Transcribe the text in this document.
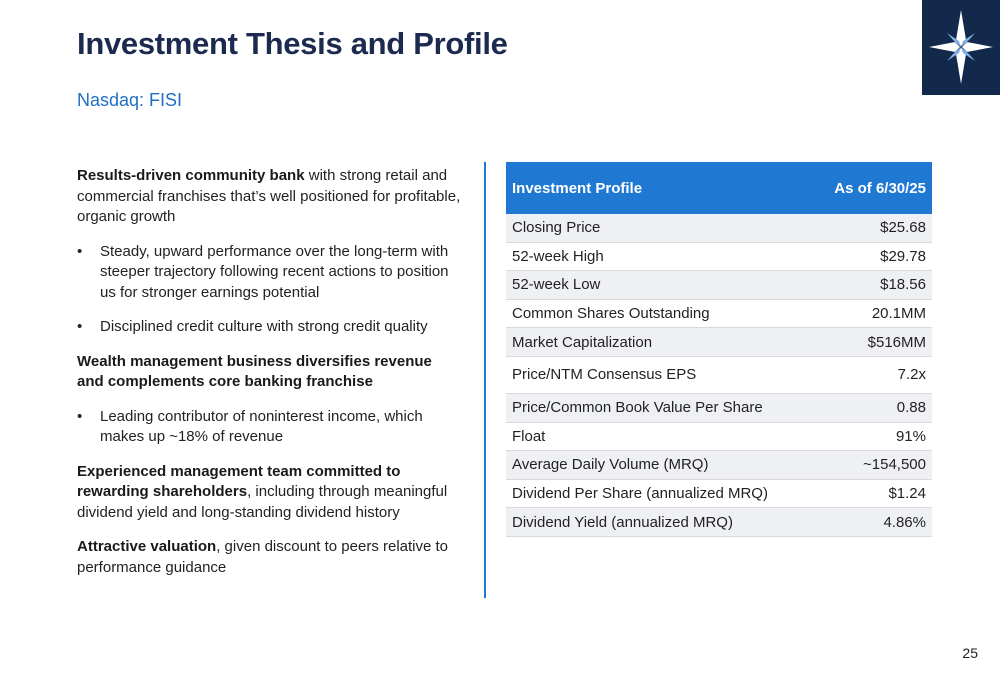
Investment Thesis and Profile
Nasdaq: FISI

Results-driven community bank with strong retail and commercial franchises that’s well positioned for profitable, organic growth

• Steady, upward performance over the long-term with steeper trajectory following recent actions to position us for stronger earnings potential

• Disciplined credit culture with strong credit quality

Wealth management business diversifies revenue and complements core banking franchise

• Leading contributor of noninterest income, which makes up ~18% of revenue

Experienced management team committed to rewarding shareholders, including through meaningful dividend yield and long-standing dividend history

Attractive valuation, given discount to peers relative to performance guidance

Investment Profile	As of 6/30/25
Closing Price	$25.68
52-week High	$29.78
52-week Low	$18.56
Common Shares Outstanding	20.1MM
Market Capitalization	$516MM
Price/NTM Consensus EPS	7.2x
Price/Common Book Value Per Share	0.88
Float	91%
Average Daily Volume (MRQ)	~154,500
Dividend Per Share (annualized MRQ)	$1.24
Dividend Yield (annualized MRQ)	4.86%
25
